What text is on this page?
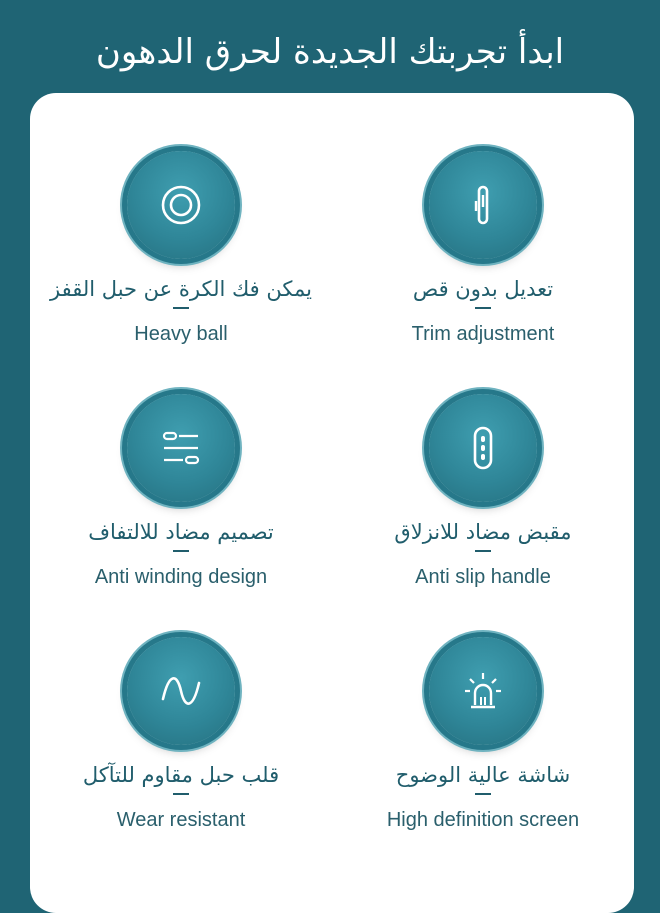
ابدأ تجربتك الجديدة لحرق الدهون
يمكن فك الكرة عن حبل القفز
Heavy ball
تعديل بدون قص
Trim adjustment
تصميم مضاد للالتفاف
Anti winding design
مقبض مضاد للانزلاق
Anti slip handle
قلب حبل مقاوم للتآكل
Wear resistant
شاشة عالية الوضوح
High definition screen
